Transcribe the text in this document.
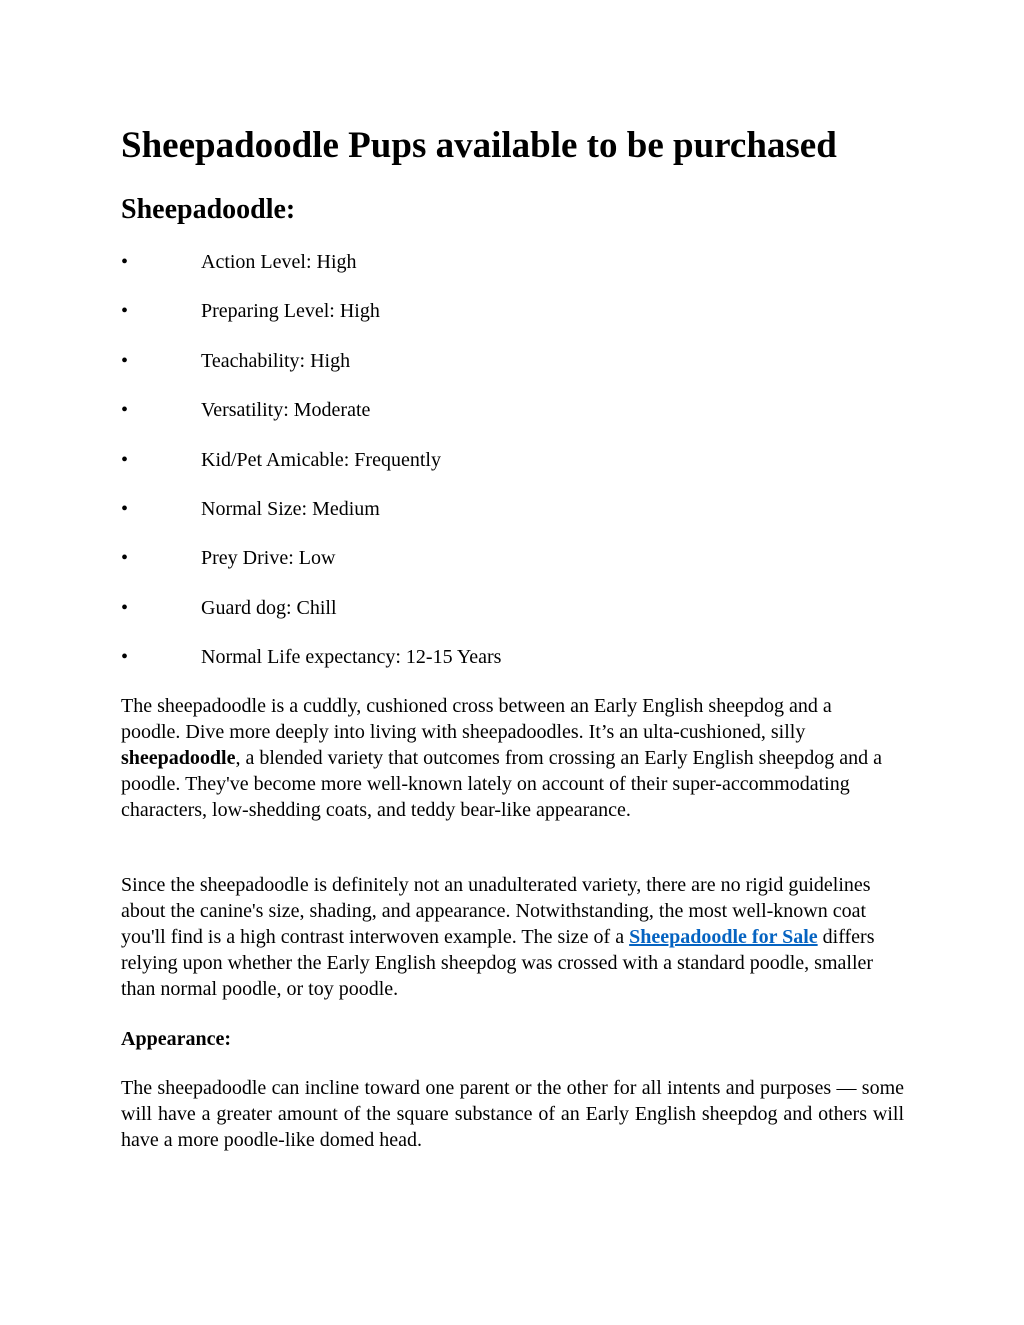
Sheepadoodle Pups available to be purchased
Sheepadoodle:
•	Action Level: High
•	Preparing Level: High
•	Teachability: High
•	Versatility: Moderate
•	Kid/Pet Amicable: Frequently
•	Normal Size: Medium
•	Prey Drive: Low
•	Guard dog: Chill
•	Normal Life expectancy: 12-15 Years

The sheepadoodle is a cuddly, cushioned cross between an Early English sheepdog and a poodle. Dive more deeply into living with sheepadoodles. It’s an ulta-cushioned, silly sheepadoodle, a blended variety that outcomes from crossing an Early English sheepdog and a poodle. They've become more well-known lately on account of their super-accommodating characters, low-shedding coats, and teddy bear-like appearance.

Since the sheepadoodle is definitely not an unadulterated variety, there are no rigid guidelines about the canine's size, shading, and appearance. Notwithstanding, the most well-known coat you'll find is a high contrast interwoven example. The size of a Sheepadoodle for Sale differs relying upon whether the Early English sheepdog was crossed with a standard poodle, smaller than normal poodle, or toy poodle.

Appearance:

The sheepadoodle can incline toward one parent or the other for all intents and purposes — some will have a greater amount of the square substance of an Early English sheepdog and others will have a more poodle-like domed head.
